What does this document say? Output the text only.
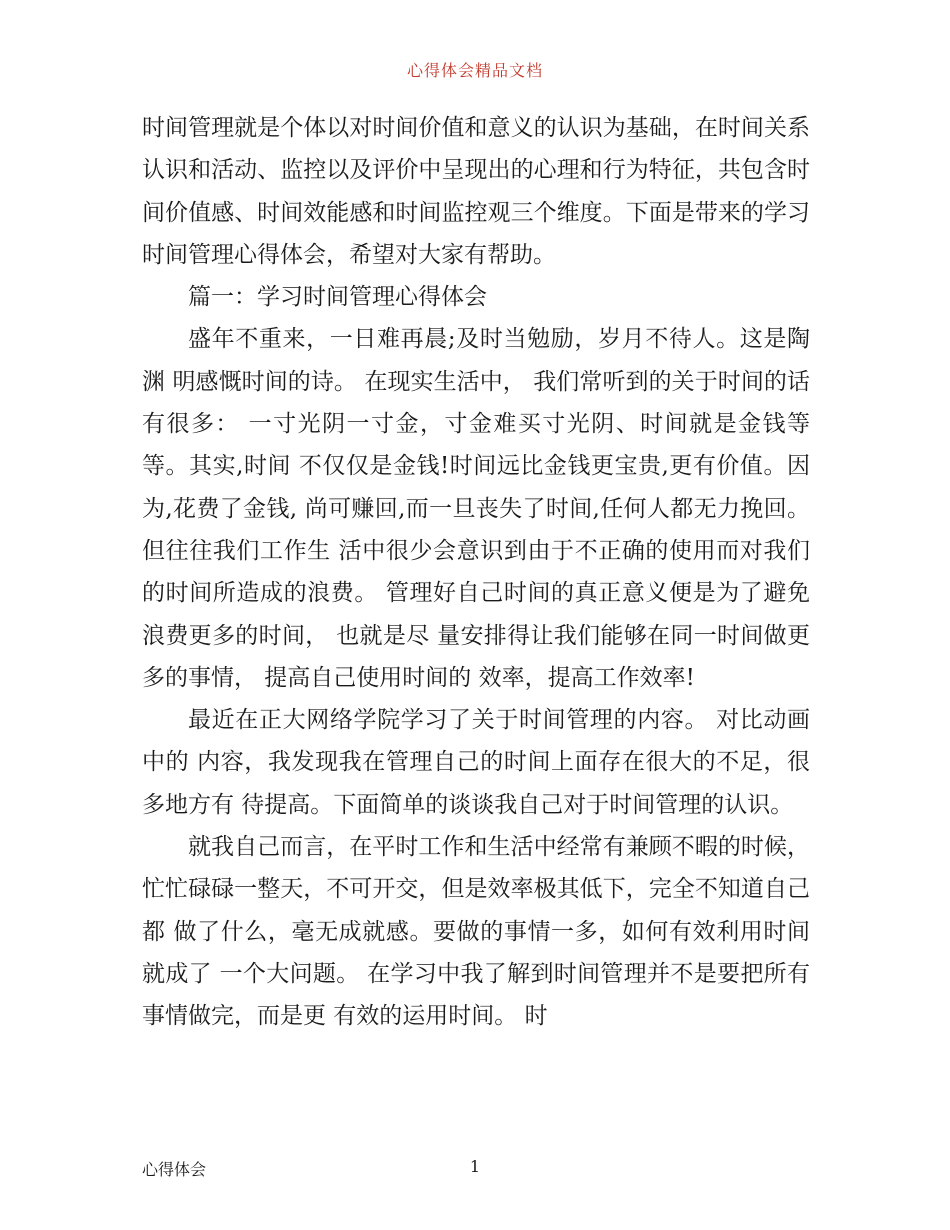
心得体会精品文档

时间管理就是个体以对时间价值和意义的认识为基础，在时间关系认识和活动、监控以及评价中呈现出的心理和行为特征，共包含时间价值感、时间效能感和时间监控观三个维度。下面是带来的学习时间管理心得体会，希望对大家有帮助。

篇一：学习时间管理心得体会

盛年不重来，一日难再晨;及时当勉励，岁月不待人。这是陶渊 明感慨时间的诗。 在现实生活中， 我们常听到的关于时间的话有很多： 一寸光阴一寸金，寸金难买寸光阴、时间就是金钱等等。其实,时间 不仅仅是金钱!时间远比金钱更宝贵,更有价值。因为,花费了金钱, 尚可赚回,而一旦丧失了时间,任何人都无力挽回。 但往往我们工作生 活中很少会意识到由于不正确的使用而对我们的时间所造成的浪费。 管理好自己时间的真正意义便是为了避免浪费更多的时间， 也就是尽 量安排得让我们能够在同一时间做更多的事情， 提高自己使用时间的 效率，提高工作效率!

最近在正大网络学院学习了关于时间管理的内容。 对比动画中的 内容，我发现我在管理自己的时间上面存在很大的不足，很多地方有 待提高。下面简单的谈谈我自己对于时间管理的认识。

就我自己而言，在平时工作和生活中经常有兼顾不暇的时候， 忙忙碌碌一整天，不可开交，但是效率极其低下，完全不知道自己都 做了什么，毫无成就感。要做的事情一多，如何有效利用时间就成了 一个大问题。 在学习中我了解到时间管理并不是要把所有事情做完，而是更 有效的运用时间。 时

心得体会	1
